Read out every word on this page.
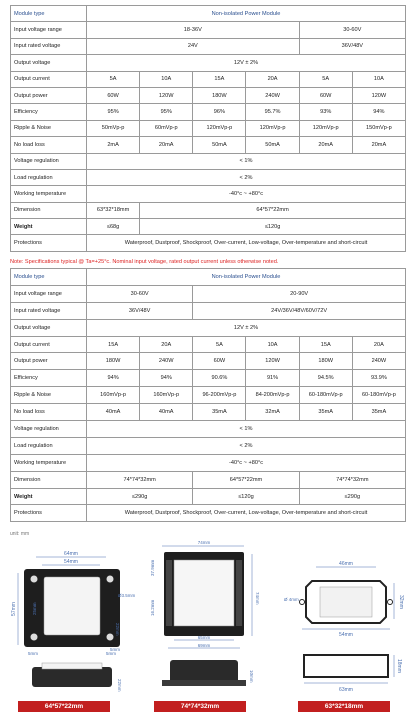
Module type	Non-isolated Power Module					
Input voltage range	18-36V				30-60V	
Input rated voltage	24V				36V/48V	
Output voltage	12V ± 2%					
Output current	5A	10A	15A	20A	5A	10A
Output power	60W	120W	180W	240W	60W	120W
Efficiency	95%	95%	96%	95.7%	93%	94%
Ripple & Noise	50mVp-p	60mVp-p	120mVp-p	120mVp-p	120mVp-p	150mVp-p
No load loss	2mA	20mA	50mA	50mA	20mA	20mA
Voltage regulation	< 1%					
Load regulation	< 2%					
Working temperature	-40°c ~ +80°c					
Dimension	63*32*18mm	64*57*22mm				
Weight	≤68g	≤120g				
Protections	Waterproof, Dustproof, Shockproof, Over-current, Low-voltage, Over-temperature and short-circuit					
Note: Specifications typical @ Ta=+25°c. Nominal input voltage, rated output current unless otherwise noted.
Module type	Non-isolated Power Module					
Input voltage range	30-60V		20-90V			
Input rated voltage	36V/48V		24V/36V/48V/60V/72V			
Output voltage	12V ± 2%					
Output current	15A	20A	5A	10A	15A	20A
Output power	180W	240W	60W	120W	180W	240W
Efficiency	94%	94%	90.6%	91%	94.5%	93.9%
Ripple & Noise	160mVp-p	160mVp-p	96-200mVp-p	84-200mVp-p	60-180mVp-p	60-180mVp-p
No load loss	40mA	40mA	35mA	32mA	35mA	35mA
Voltage regulation	< 1%					
Load regulation	< 2%					
Working temperature	-40°c ~ +80°c					
Dimension	74*74*32mm		64*57*22mm		74*74*32mm	
Weight	≤290g		≤120g		≤290g	
Protections	Waterproof, Dustproof, Shockproof, Over-current, Low-voltage, Over-temperature and short-circuit					
unit: mm
64mm
54mm
57mm
Ø3.5mm
22mm
5mm	5mm
25mm
5mm
22mm
64*57*22mm
74mm
74mm
37.9mm
16.2mm
65mm
69mm
10mm
74*74*32mm
46mm
54mm
32mm
Ø 4mm
18mm
63mm
63*32*18mm
